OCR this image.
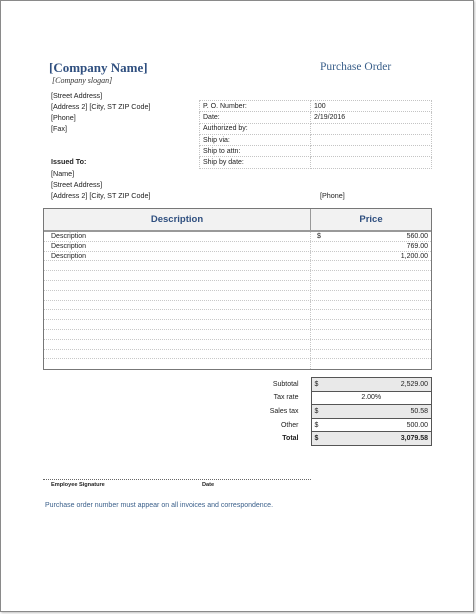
[Company Name]
[Company slogan]
Purchase Order
[Street Address]
[Address 2] [City, ST ZIP Code]
[Phone]
[Fax]
P. O. Number:	100
Date:	2/19/2016
Authorized by:	
Ship via:	
Ship to attn:	
Ship by date:	
Issued To:
[Name]
[Street Address]
[Address 2] [City, ST ZIP Code]	[Phone]
Description	Price
Description	$	560.00
Description	769.00
Description	1,200.00
Subtotal	$ 2,529.00

Tax rate	2.00%

Sales tax	$ 50.58

Other	$ 500.00

Total	$ 3,079.58
Employee Signature	Date
Purchase order number must appear on all invoices and correspondence.
